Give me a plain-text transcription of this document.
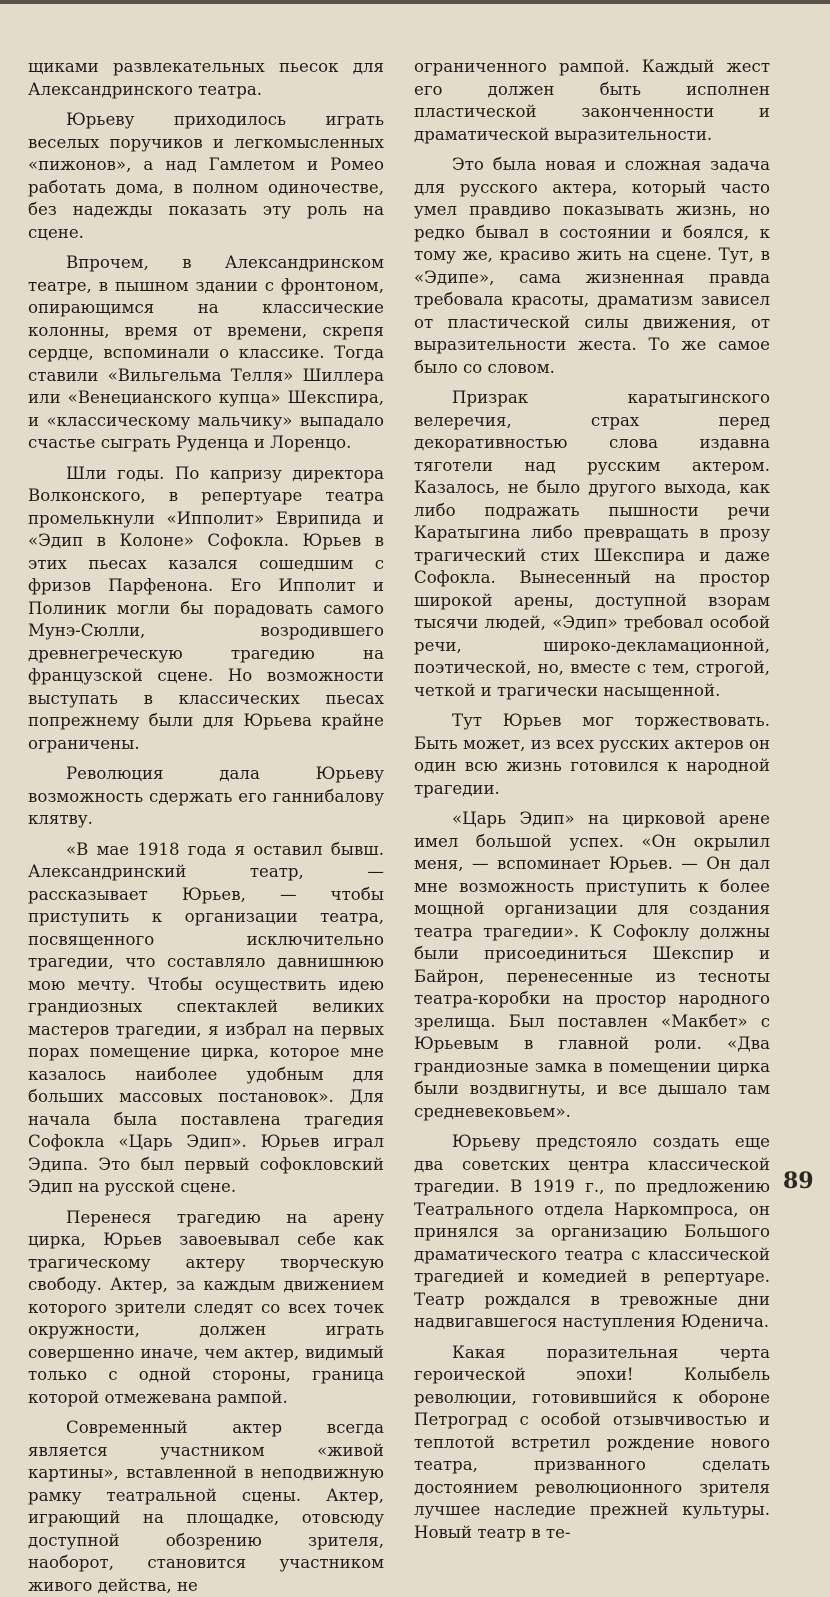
щиками развлекательных пьесок для Александринского театра.

Юрьеву приходилось играть веселых поручиков и легкомысленных «пижонов», а над Гамлетом и Ромео работать дома, в полном одиночестве, без надежды показать эту роль на сцене.

Впрочем, в Александринском театре, в пышном здании с фронтоном, опирающимся на классические колонны, время от времени, скрепя сердце, вспоминали о классике. Тогда ставили «Вильгельма Телля» Шиллера или «Венецианского купца» Шекспира, и «классическому мальчику» выпадало счастье сыграть Руденца и Лоренцо.

Шли годы. По капризу директора Волконского, в репертуаре театра промелькнули «Ипполит» Еврипида и «Эдип в Колоне» Софокла. Юрьев в этих пьесах казался сошедшим с фризов Парфенона. Его Ипполит и Полиник могли бы порадовать самого Мунэ-Сюлли, возродившего древнегреческую трагедию на французской сцене. Но возможности выступать в классических пьесах попрежнему были для Юрьева крайне ограничены.

Революция дала Юрьеву возможность сдержать его ганнибалову клятву.

«В мае 1918 года я оставил бывш. Александринский театр, — рассказывает Юрьев, — чтобы приступить к организации театра, посвященного исключительно трагедии, что составляло давнишнюю мою мечту. Чтобы осуществить идею грандиозных спектаклей великих мастеров трагедии, я избрал на первых порах помещение цирка, которое мне казалось наиболее удобным для больших массовых постановок». Для начала была поставлена трагедия Софокла «Царь Эдип». Юрьев играл Эдипа. Это был первый софокловский Эдип на русской сцене.

Перенеся трагедию на арену цирка, Юрьев завоевывал себе как трагическому актеру творческую свободу. Актер, за каждым движением которого зрители следят со всех точек окружности, должен играть совершенно иначе, чем актер, видимый только с одной стороны, граница которой отмежевана рампой.

Современный актер всегда является участником «живой картины», вставленной в неподвижную рамку театральной сцены. Актер, играющий на площадке, отовсюду доступной обозрению зрителя, наоборот, становится участником живого действа, не

ограниченного рампой. Каждый жест его должен быть исполнен пластической законченности и драматической выразительности.

Это была новая и сложная задача для русского актера, который часто умел правдиво показывать жизнь, но редко бывал в состоянии и боялся, к тому же, красиво жить на сцене. Тут, в «Эдипе», сама жизненная правда требовала красоты, драматизм зависел от пластической силы движения, от выразительности жеста. То же самое было со словом.

Призрак каратыгинского велеречия, страх перед декоративностью слова издавна тяготели над русским актером. Казалось, не было другого выхода, как либо подражать пышности речи Каратыгина либо превращать в прозу трагический стих Шекспира и даже Софокла. Вынесенный на простор широкой арены, доступной взорам тысячи людей, «Эдип» требовал особой речи, широко-декламационной, поэтической, но, вместе с тем, строгой, четкой и трагически насыщенной.

Тут Юрьев мог торжествовать. Быть может, из всех русских актеров он один всю жизнь готовился к народной трагедии.

«Царь Эдип» на цирковой арене имел большой успех. «Он окрылил меня, — вспоминает Юрьев. — Он дал мне возможность приступить к более мощной организации для создания театра трагедии». К Софоклу должны были присоединиться Шекспир и Байрон, перенесенные из тесноты театра-коробки на простор народного зрелища. Был поставлен «Макбет» с Юрьевым в главной роли. «Два грандиозные замка в помещении цирка были воздвигнуты, и все дышало там средневековьем».

Юрьеву предстояло создать еще два советских центра классической трагедии. В 1919 г., по предложению Театрального отдела Наркомпроса, он принялся за организацию Большого драматического театра с классической трагедией и комедией в репертуаре. Театр рождался в тревожные дни надвигавшегося наступления Юденича.

Какая поразительная черта героической эпохи! Колыбель революции, готовившийся к обороне Петроград с особой отзывчивостью и теплотой встретил рождение нового театра, призванного сделать достоянием революционного зрителя лучшее наследие прежней культуры. Новый театр в те-

89
